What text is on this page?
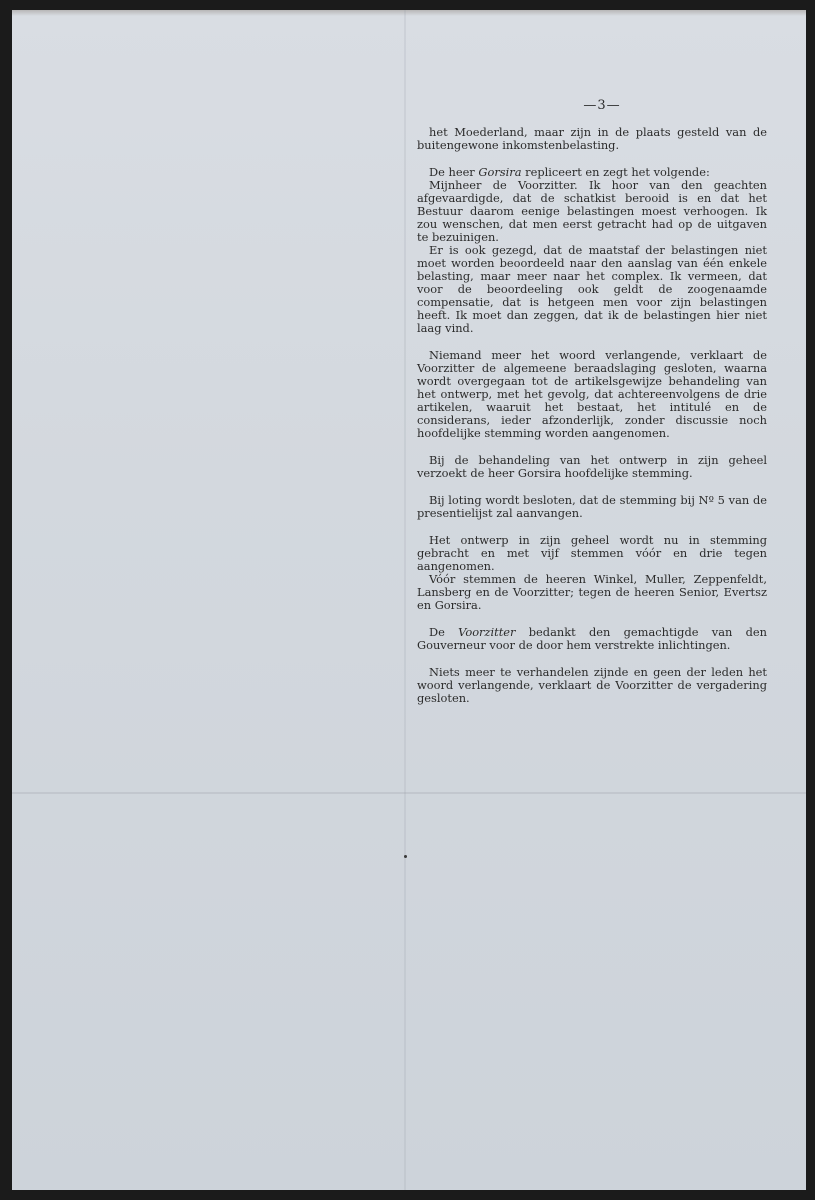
—3—

het Moederland, maar zijn in de plaats gesteld van de buitengewone inkomstenbelasting.

De heer Gorsira repliceert en zegt het volgende:

Mijnheer de Voorzitter. Ik hoor van den geachten afgevaardigde, dat de schatkist berooid is en dat het Bestuur daarom eenige belastingen moest verhoogen. Ik zou wenschen, dat men eerst getracht had op de uitgaven te bezuinigen.

Er is ook gezegd, dat de maatstaf der belastingen niet moet worden beoordeeld naar den aanslag van één enkele belasting, maar meer naar het complex. Ik vermeen, dat voor de beoordeeling ook geldt de zoogenaamde compensatie, dat is hetgeen men voor zijn belastingen heeft. Ik moet dan zeggen, dat ik de belastingen hier niet laag vind.

Niemand meer het woord verlangende, verklaart de Voorzitter de algemeene beraadslaging gesloten, waarna wordt overgegaan tot de artikelsgewijze behandeling van het ontwerp, met het gevolg, dat achtereenvolgens de drie artikelen, waaruit het bestaat, het intitulé en de considerans, ieder afzonderlijk, zonder discussie noch hoofdelijke stemming worden aangenomen.

Bij de behandeling van het ontwerp in zijn geheel verzoekt de heer Gorsira hoofdelijke stemming.

Bij loting wordt besloten, dat de stemming bij Nº 5 van de presentielijst zal aanvangen.

Het ontwerp in zijn geheel wordt nu in stemming gebracht en met vijf stemmen vóór en drie tegen aangenomen.

Vóór stemmen de heeren Winkel, Muller, Zeppenfeldt, Lansberg en de Voorzitter; tegen de heeren Senior, Evertsz en Gorsira.

De Voorzitter bedankt den gemachtigde van den Gouverneur voor de door hem verstrekte inlichtingen.

Niets meer te verhandelen zijnde en geen der leden het woord verlangende, verklaart de Voorzitter de vergadering gesloten.
